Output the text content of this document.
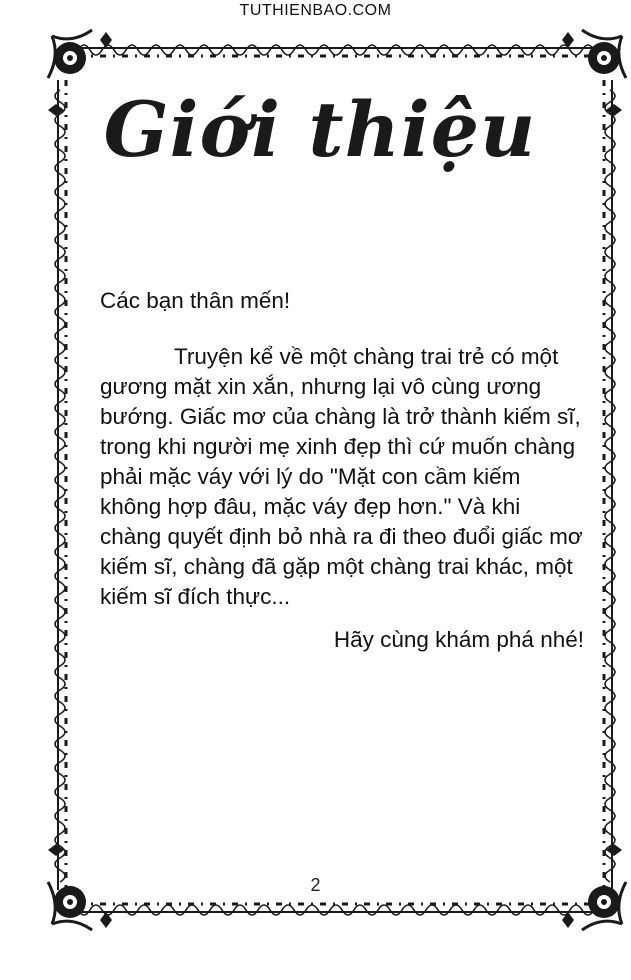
TUTHIENBAO.COM
Giới thiệu
Các bạn thân mến!
Truyện kể về một chàng trai trẻ có một gương mặt xin xắn, nhưng lại vô cùng ương bướng. Giấc mơ của chàng là trở thành kiếm sĩ, trong khi người mẹ xinh đẹp thì cứ muốn chàng phải mặc váy với lý do "Mặt con cầm kiếm không hợp đâu, mặc váy đẹp hơn." Và khi chàng quyết định bỏ nhà ra đi theo đuổi giấc mơ kiếm sĩ, chàng đã gặp một chàng trai khác, một kiếm sĩ đích thực...
Hãy cùng khám phá nhé!
2
